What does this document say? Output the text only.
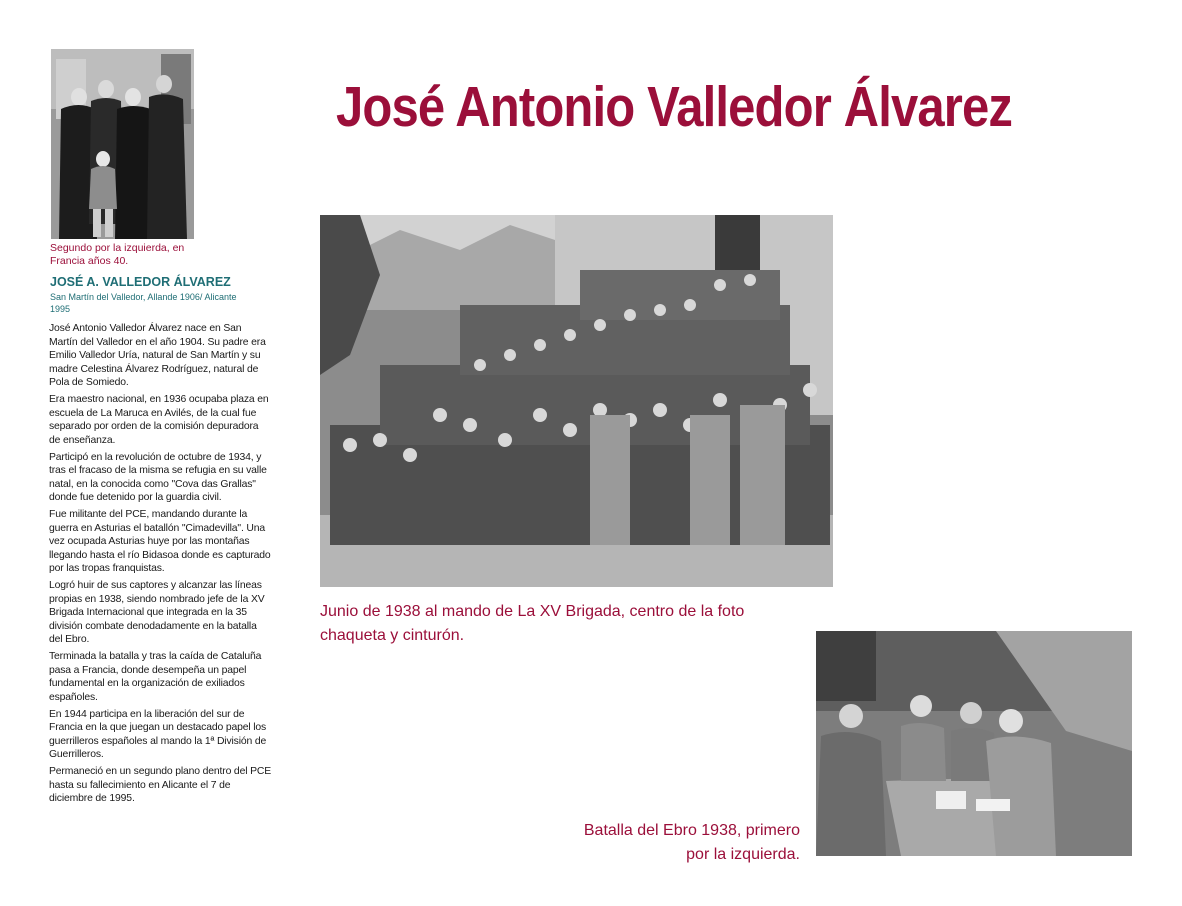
José Antonio Valledor Álvarez
Segundo por la izquierda, en Francia años 40.
JOSÉ A. VALLEDOR ÁLVAREZ
San Martín del Valledor, Allande 1906/ Alicante 1995

José Antonio Valledor Álvarez nace en San Martín del Valledor en el año 1904. Su padre era Emilio Valledor Uría, natural de San Martín y su madre Celestina Álvarez Rodríguez, natural de Pola de Somiedo.

Era maestro nacional, en 1936 ocupaba plaza en escuela de La Maruca en Avilés, de la cual fue separado por orden de la comisión depuradora de enseñanza.

Participó en la revolución de octubre de 1934, y tras el fracaso de la misma se refugia en su valle natal, en la conocida como "Cova das Grallas" donde fue detenido por la guardia civil.

Fue militante del PCE, mandando durante la guerra en Asturias el batallón "Cimadevilla". Una vez ocupada Asturias huye por las montañas llegando hasta el río Bidasoa donde es capturado por las tropas franquistas.

Logró huir de sus captores y alcanzar las líneas propias en 1938, siendo nombrado jefe de la XV Brigada Internacional que integrada en la 35 división combate denodadamente en la batalla del Ebro.

Terminada la batalla y tras la caída de Cataluña pasa a Francia, donde desempeña un papel fundamental en la organización de exiliados españoles.

En 1944 participa en la liberación del sur de Francia en la que juegan un destacado papel los guerrilleros españoles al mando la 1ª División de Guerrilleros.

Permaneció en un segundo plano dentro del PCE hasta su fallecimiento en Alicante el 7 de diciembre de 1995.

Junio de 1938 al mando de La XV Brigada, centro de la foto chaqueta y cinturón.
Batalla del Ebro 1938, primero por la izquierda.
